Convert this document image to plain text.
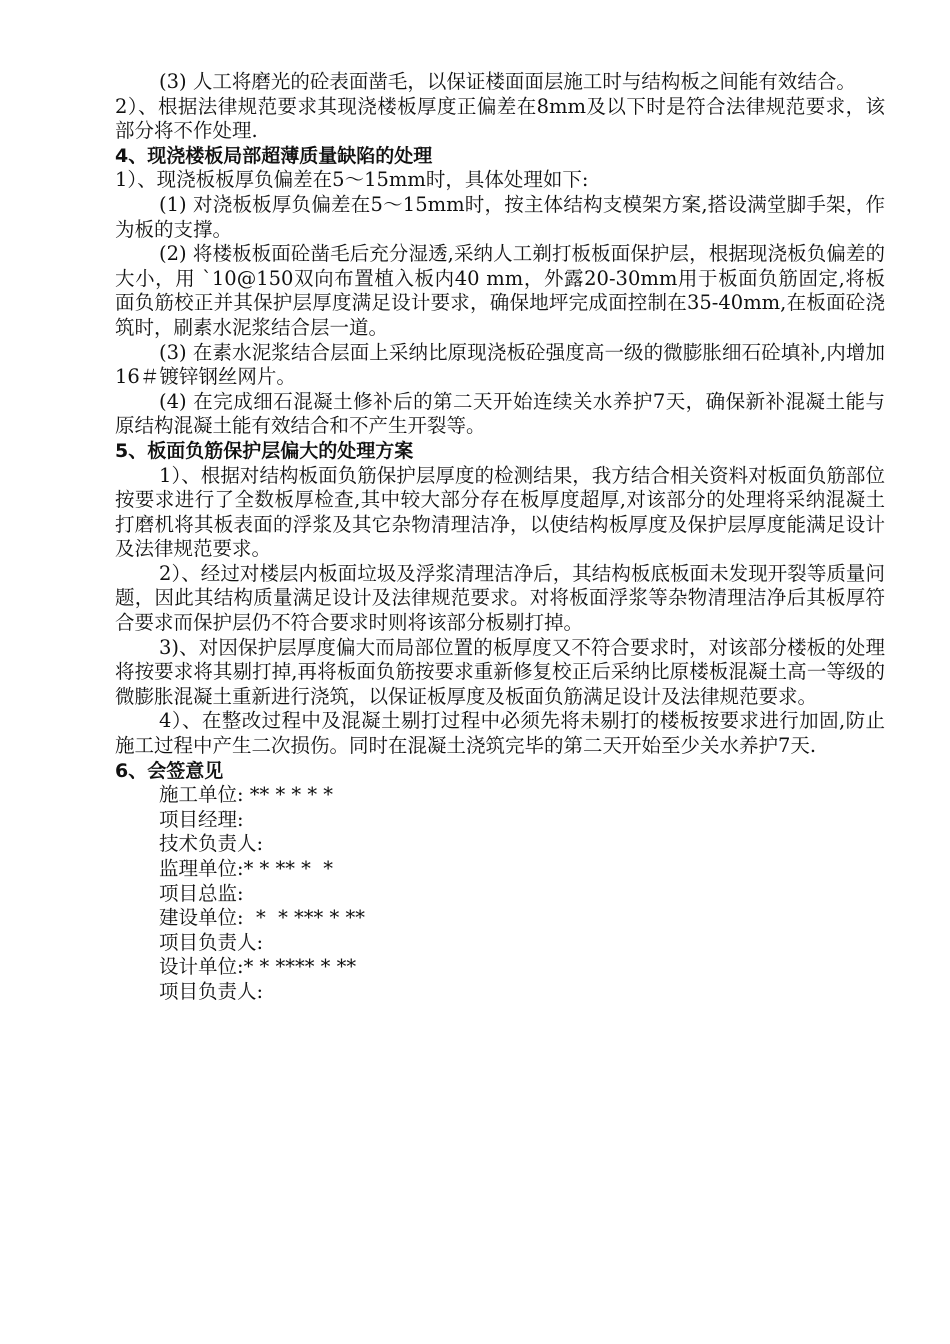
(3) 人工将磨光的砼表面凿毛，以保证楼面面层施工时与结构板之间能有效结合。

2）、根据法律规范要求其现浇楼板厚度正偏差在8mm及以下时是符合法律规范要求，该部分将不作处理.

4、现浇楼板局部超薄质量缺陷的处理

1）、现浇板板厚负偏差在5～15mm时，具体处理如下:

(1) 对浇板板厚负偏差在5～15mm时，按主体结构支模架方案,搭设满堂脚手架，作为板的支撑。

(2) 将楼板板面砼凿毛后充分湿透,采纳人工剃打板板面保护层，根据现浇板负偏差的大小，用 `10@150双向布置植入板内40 mm，外露20-30mm用于板面负筋固定,将板面负筋校正并其保护层厚度满足设计要求，确保地坪完成面控制在35-40mm,在板面砼浇筑时，刷素水泥浆结合层一道。

(3) 在素水泥浆结合层面上采纳比原现浇板砼强度高一级的微膨胀细石砼填补,内增加16＃镀锌钢丝网片。

(4) 在完成细石混凝土修补后的第二天开始连续关水养护7天，确保新补混凝土能与原结构混凝土能有效结合和不产生开裂等。

5、板面负筋保护层偏大的处理方案

1）、根据对结构板面负筋保护层厚度的检测结果，我方结合相关资料对板面负筋部位按要求进行了全数板厚检查,其中较大部分存在板厚度超厚,对该部分的处理将采纳混凝土打磨机将其板表面的浮浆及其它杂物清理洁净，以使结构板厚度及保护层厚度能满足设计及法律规范要求。

2）、经过对楼层内板面垃圾及浮浆清理洁净后，其结构板底板面未发现开裂等质量问题，因此其结构质量满足设计及法律规范要求。对将板面浮浆等杂物清理洁净后其板厚符合要求而保护层仍不符合要求时则将该部分板剔打掉。

3)、对因保护层厚度偏大而局部位置的板厚度又不符合要求时，对该部分楼板的处理将按要求将其剔打掉,再将板面负筋按要求重新修复校正后采纳比原楼板混凝土高一等级的微膨胀混凝土重新进行浇筑，以保证板厚度及板面负筋满足设计及法律规范要求。

4）、在整改过程中及混凝土剔打过程中必须先将未剔打的楼板按要求进行加固,防止施工过程中产生二次损伤。同时在混凝土浇筑完毕的第二天开始至少关水养护7天.

6、会签意见

施工单位: ** * * * *
项目经理:
技术负责人:
监理单位:* * ** *  *
项目总监:
建设单位:  *  * *** * **
项目负责人:
设计单位:* * **** * **
项目负责人:
